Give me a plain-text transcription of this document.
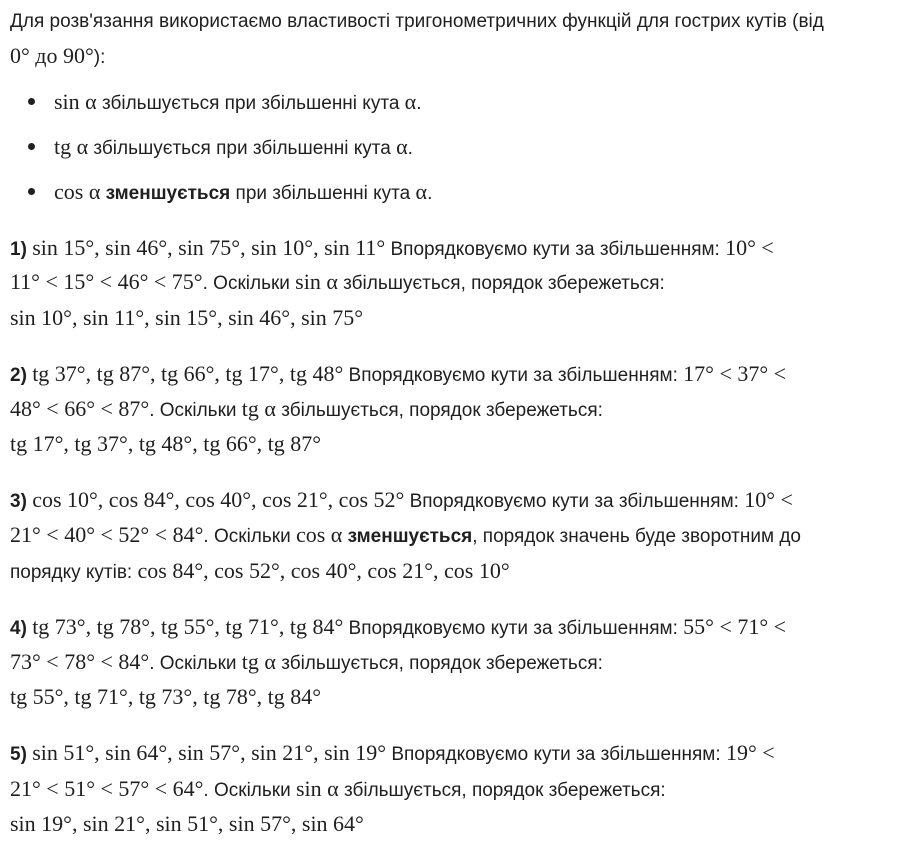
Для розв'язання використаємо властивості тригонометричних функцій для гострих кутів (від
0° до 90°):
sin α збільшується при збільшенні кута α.
tg α збільшується при збільшенні кута α.
cos α зменшується при збільшенні кута α.
1) sin 15°, sin 46°, sin 75°, sin 10°, sin 11° Впорядковуємо кути за збільшенням: 10° <
11° < 15° < 46° < 75°. Оскільки sin α збільшується, порядок збережеться:
sin 10°, sin 11°, sin 15°, sin 46°, sin 75°
2) tg 37°, tg 87°, tg 66°, tg 17°, tg 48° Впорядковуємо кути за збільшенням: 17° < 37° <
48° < 66° < 87°. Оскільки tg α збільшується, порядок збережеться:
tg 17°, tg 37°, tg 48°, tg 66°, tg 87°
3) cos 10°, cos 84°, cos 40°, cos 21°, cos 52° Впорядковуємо кути за збільшенням: 10° <
21° < 40° < 52° < 84°. Оскільки cos α зменшується, порядок значень буде зворотним до
порядку кутів: cos 84°, cos 52°, cos 40°, cos 21°, cos 10°
4) tg 73°, tg 78°, tg 55°, tg 71°, tg 84° Впорядковуємо кути за збільшенням: 55° < 71° <
73° < 78° < 84°. Оскільки tg α збільшується, порядок збережеться:
tg 55°, tg 71°, tg 73°, tg 78°, tg 84°
5) sin 51°, sin 64°, sin 57°, sin 21°, sin 19° Впорядковуємо кути за збільшенням: 19° <
21° < 51° < 57° < 64°. Оскільки sin α збільшується, порядок збережеться:
sin 19°, sin 21°, sin 51°, sin 57°, sin 64°
